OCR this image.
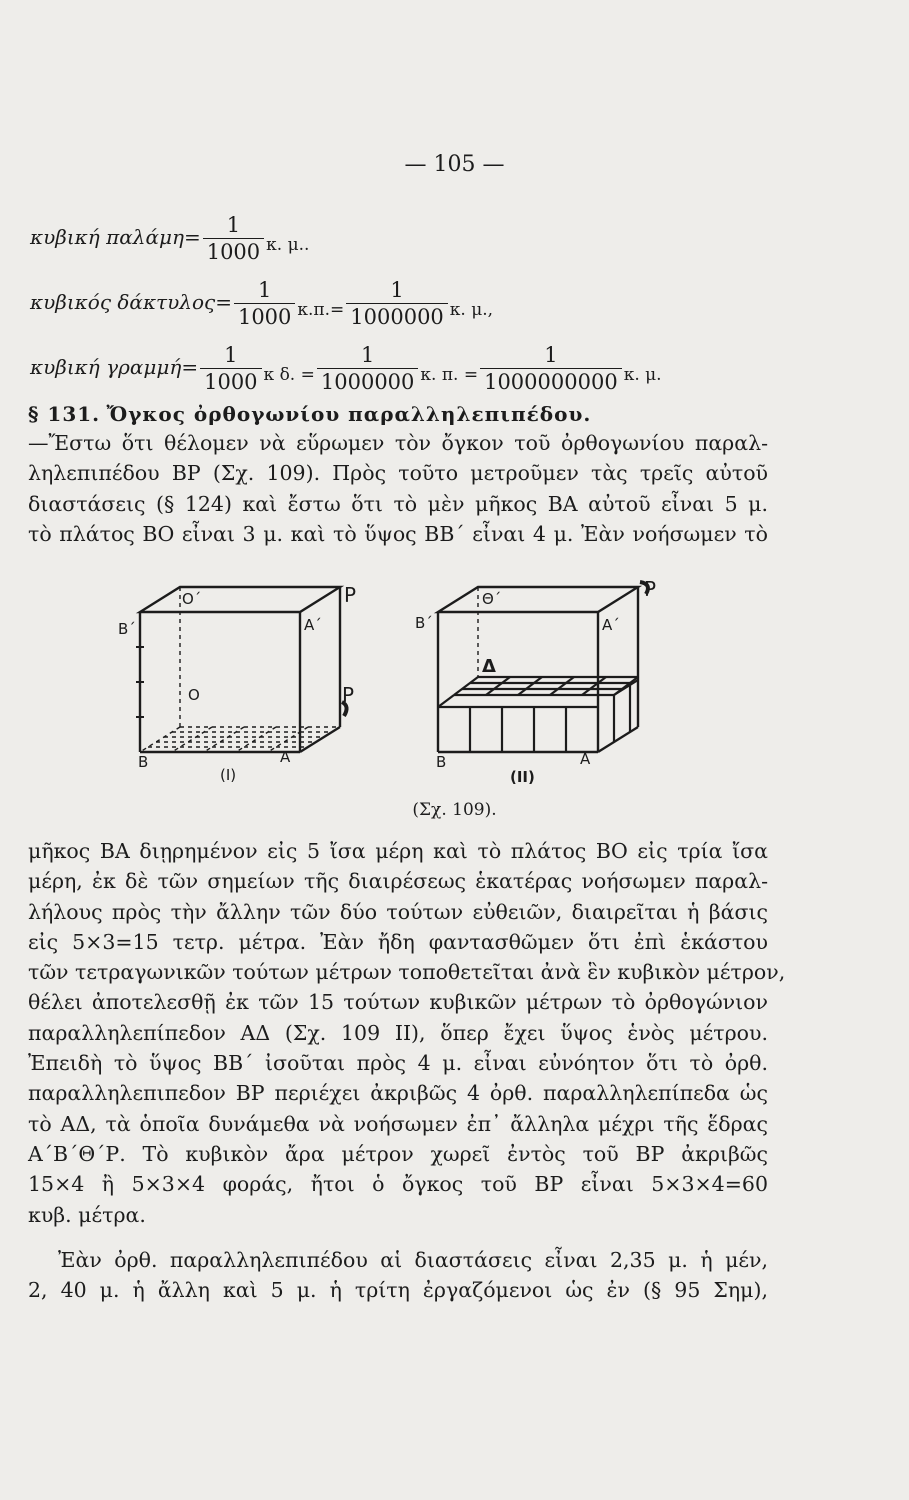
— 105 —
κυβική $\pi\alpha\lambda ά\mu\eta= \frac{1}{1000} _{\kappa. \mu..}$
κυβικός $\delta ά\kappa\tau\upsilon\lambda o\varsigma= \frac{1}{1000} _{\kappa.\pi.=} \frac{1}{1000000} _{\kappa. \mu.,}$
κυβική $\gamma\rho\alpha\mu\mu ή= \frac{1}{1000} _{\kappa \delta. =} \frac{1}{1000000} _{\kappa. \pi. =} \frac{1}{1000000000} _{\kappa. \mu.}$
§ 131. Ὄγκος ὀρθογωνίου παραλληλεπιπέδου.
—Ἔστω ὅτι θέλομεν νὰ εὕρωμεν τὸν ὄγκον τοῦ ὀρθογωνίου παραλ-
ληλεπιπέδου ΒΡ (Σχ. 109). Πρὸς τοῦτο μετροῦμεν τὰς τρεῖς αὐτοῦ
διαστάσεις (§ 124) καὶ ἔστω ὅτι τὸ μὲν μῆκος ΒΑ αὐτοῦ εἶναι 5 μ.
τὸ πλάτος ΒΟ εἶναι 3 μ. καὶ τὸ ὕψος ΒΒ΄ εἶναι 4 μ. Ἐὰν νοήσωμεν τὸ
Ο΄	Ρ
Β΄	Α΄
Ο	Ρ
Β	Α
(I)
Θ΄	Ρ
Β΄	Α΄
Δ
Β	Α
(II)
(Σχ. 109).
μῆκος ΒΑ διῃρημένον εἰς 5 ἴσα μέρη καὶ τὸ πλάτος ΒΟ εἰς τρία ἴσα
μέρη, ἐκ δὲ τῶν σημείων τῆς διαιρέσεως ἑκατέρας νοήσωμεν παραλ-
λήλους πρὸς τὴν ἄλλην τῶν δύο τούτων εὐθειῶν, διαιρεῖται ἡ βάσις
εἰς 5×3=15 τετρ. μέτρα. Ἐὰν ἤδη φαντασθῶμεν ὅτι ἐπὶ ἑκάστου
τῶν τετραγωνικῶν τούτων μέτρων τοποθετεῖται ἀνὰ ἓν κυβικὸν μέτρον,
θέλει ἀποτελεσθῇ ἐκ τῶν 15 τούτων κυβικῶν μέτρων τὸ ὀρθογώνιον
παραλληλεπίπεδον ΑΔ (Σχ. 109 ΙΙ), ὅπερ ἔχει ὕψος ἑνὸς μέτρου.
Ἐπειδὴ τὸ ὕψος ΒΒ΄ ἰσοῦται πρὸς 4 μ. εἶναι εὐνόητον ὅτι τὸ ὀρθ.
παραλληλεπιπεδον ΒΡ περιέχει ἀκριβῶς 4 ὀρθ. παραλληλεπίπεδα ὡς
τὸ ΑΔ, τὰ ὁποῖα δυνάμεθα νὰ νοήσωμεν ἐπ᾿ ἄλληλα μέχρι τῆς ἕδρας
Α΄Β΄Θ΄Ρ. Τὸ κυβικὸν ἄρα μέτρον χωρεῖ ἐντὸς τοῦ ΒΡ ἀκριβῶς
15×4 ἢ 5×3×4 φοράς, ἤτοι ὁ ὄγκος τοῦ ΒΡ εἶναι 5×3×4=60
κυβ. μέτρα.
Ἐὰν ὀρθ. παραλληλεπιπέδου αἱ διαστάσεις εἶναι 2,35 μ. ἡ μέν,
2, 40 μ. ἡ ἄλλη καὶ 5 μ. ἡ τρίτη ἐργαζόμενοι ὡς ἐν (§ 95 Σημ),
